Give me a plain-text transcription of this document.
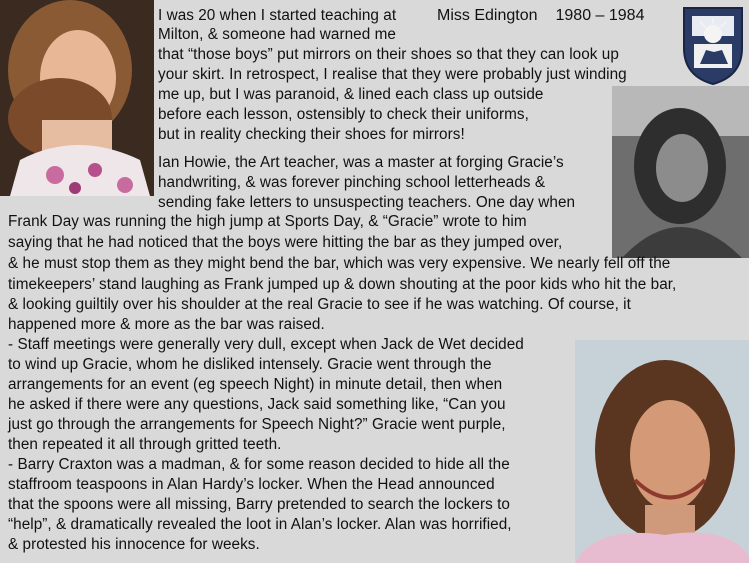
Miss Edington 1980 – 1984
I was 20 when I started teaching at
Milton, & someone had warned me
that “those boys” put mirrors on their shoes so that they can look up
your skirt. In retrospect, I realise that they were probably just winding
me up, but I was paranoid, & lined each class up outside
before each lesson, ostensibly to check their uniforms,
but in reality checking their shoes for mirrors!
Ian Howie, the Art teacher, was a master at forging Gracie’s
handwriting, & was forever pinching school letterheads &
sending fake letters to unsuspecting teachers. One day when
Frank Day was running the high jump at Sports Day, & “Gracie” wrote to him
saying that he had noticed that the boys were hitting the bar as they jumped over,
& he must stop them as they might bend the bar, which was very expensive. We nearly fell off the
timekeepers’ stand laughing as Frank jumped up & down shouting at the poor kids who hit the bar,
& looking guiltily over his shoulder at the real Gracie to see if he was watching. Of course, it
happened more & more as the bar was raised.
- Staff meetings were generally very dull, except when Jack de Wet decided
to wind up Gracie, whom he disliked intensely. Gracie went through the
arrangements for an event (eg speech Night) in minute detail, then when
he asked if there were any questions, Jack said something like, “Can you
just go through the arrangements for Speech Night?” Gracie went purple,
then repeated it all through gritted teeth.
- Barry Craxton was a madman, & for some reason decided to hide all the
staffroom teaspoons in Alan Hardy’s locker. When the Head announced
that the spoons were all missing, Barry pretended to search the lockers to
“help”, & dramatically revealed the loot in Alan’s locker. Alan was horrified,
& protested his innocence for weeks.
